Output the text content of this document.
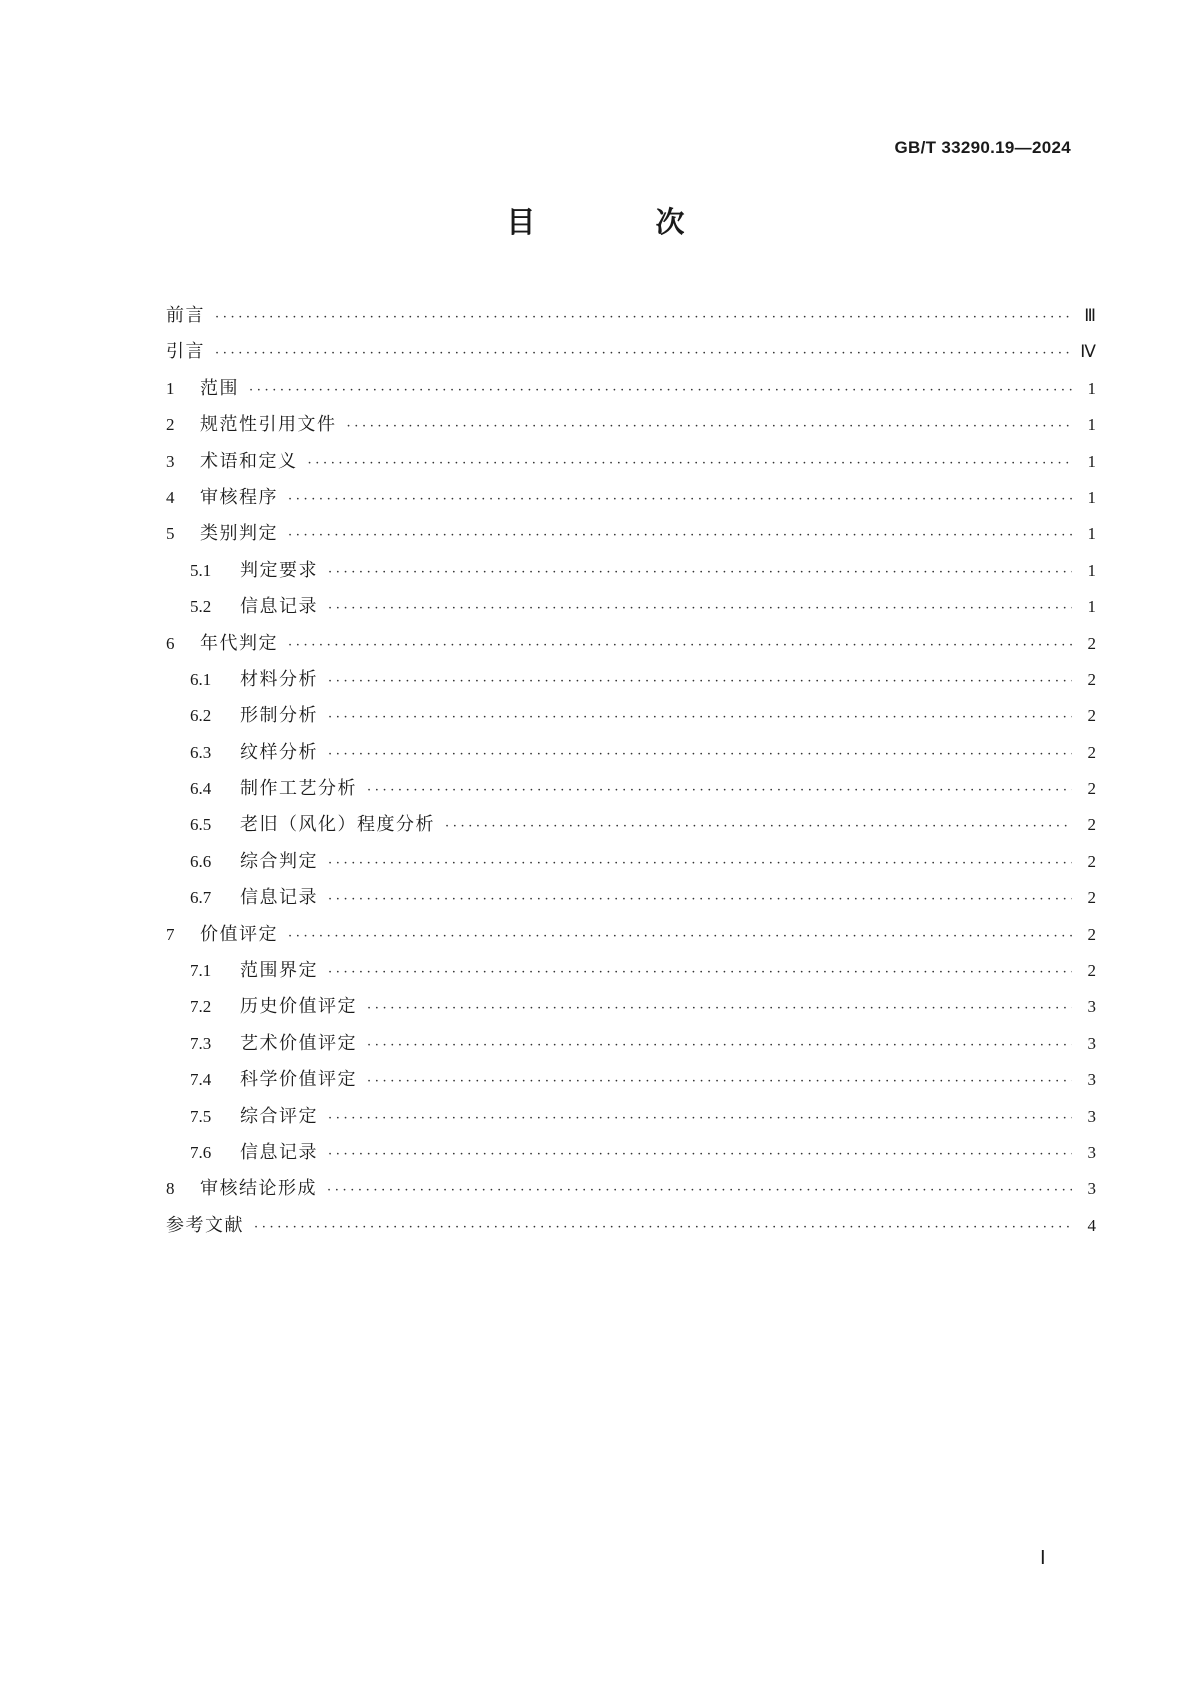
GB/T 33290.19—2024
目	次
前言 ·····	Ⅲ
引言 ·····	Ⅳ
1	范围 ·····	1
2	规范性引用文件 ·····	1
3	术语和定义 ·····	1
4	审核程序 ·····	1
5	类别判定 ·····	1
5.1	判定要求 ·····	1
5.2	信息记录 ·····	1
6	年代判定 ·····	2
6.1	材料分析 ·····	2
6.2	形制分析 ·····	2
6.3	纹样分析 ·····	2
6.4	制作工艺分析 ·····	2
6.5	老旧（风化）程度分析 ·····	2
6.6	综合判定 ·····	2
6.7	信息记录 ·····	2
7	价值评定 ·····	2
7.1	范围界定 ·····	2
7.2	历史价值评定 ·····	3
7.3	艺术价值评定 ·····	3
7.4	科学价值评定 ·····	3
7.5	综合评定 ·····	3
7.6	信息记录 ·····	3
8	审核结论形成 ·····	3
参考文献 ·····	4
Ⅰ
